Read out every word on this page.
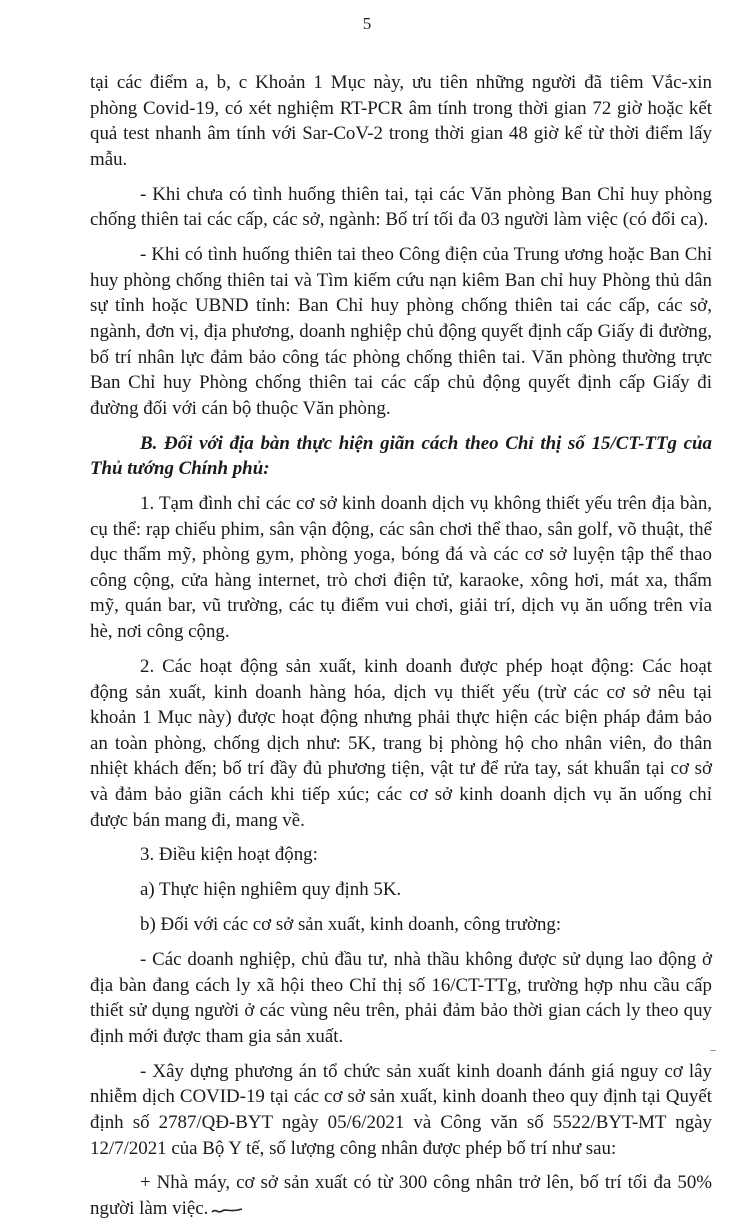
5

tại các điểm a, b, c Khoản 1 Mục này, ưu tiên những người đã tiêm Vắc-xin phòng Covid-19, có xét nghiệm RT-PCR âm tính trong thời gian 72 giờ hoặc kết quả test nhanh âm tính với Sar-CoV-2 trong thời gian 48 giờ kể từ thời điểm lấy mẫu.

- Khi chưa có tình huống thiên tai, tại các Văn phòng Ban Chỉ huy phòng chống thiên tai các cấp, các sở, ngành: Bố trí tối đa 03 người làm việc (có đổi ca).

- Khi có tình huống thiên tai theo Công điện của Trung ương hoặc Ban Chỉ huy phòng chống thiên tai và Tìm kiếm cứu nạn kiêm Ban chỉ huy Phòng thủ dân sự tỉnh hoặc UBND tỉnh: Ban Chỉ huy phòng chống thiên tai các cấp, các sở, ngành, đơn vị, địa phương, doanh nghiệp chủ động quyết định cấp Giấy đi đường, bố trí nhân lực đảm bảo công tác phòng chống thiên tai. Văn phòng thường trực Ban Chỉ huy Phòng chống thiên tai các cấp chủ động quyết định cấp Giấy đi đường đối với cán bộ thuộc Văn phòng.

B. Đối với địa bàn thực hiện giãn cách theo Chỉ thị số 15/CT-TTg của Thủ tướng Chính phủ:

1. Tạm đình chỉ các cơ sở kinh doanh dịch vụ không thiết yếu trên địa bàn, cụ thể: rạp chiếu phim, sân vận động, các sân chơi thể thao, sân golf, võ thuật, thể dục thẩm mỹ, phòng gym, phòng yoga, bóng đá và các cơ sở luyện tập thể thao công cộng, cửa hàng internet, trò chơi điện tử, karaoke, xông hơi, mát xa, thẩm mỹ, quán bar, vũ trường, các tụ điểm vui chơi, giải trí, dịch vụ ăn uống trên vỉa hè, nơi công cộng.

2. Các hoạt động sản xuất, kinh doanh được phép hoạt động: Các hoạt động sản xuất, kinh doanh hàng hóa, dịch vụ thiết yếu (trừ các cơ sở nêu tại khoản 1 Mục này) được hoạt động nhưng phải thực hiện các biện pháp đảm bảo an toàn phòng, chống dịch như: 5K, trang bị phòng hộ cho nhân viên, đo thân nhiệt khách đến; bố trí đầy đủ phương tiện, vật tư để rửa tay, sát khuẩn tại cơ sở và đảm bảo giãn cách khi tiếp xúc; các cơ sở kinh doanh dịch vụ ăn uống chỉ được bán mang đi, mang về.

3. Điều kiện hoạt động:

a) Thực hiện nghiêm quy định 5K.

b) Đối với các cơ sở sản xuất, kinh doanh, công trường:

- Các doanh nghiệp, chủ đầu tư, nhà thầu không được sử dụng lao động ở địa bàn đang cách ly xã hội theo Chỉ thị số 16/CT-TTg, trường hợp nhu cầu cấp thiết sử dụng người ở các vùng nêu trên, phải đảm bảo thời gian cách ly theo quy định mới được tham gia sản xuất.

- Xây dựng phương án tổ chức sản xuất kinh doanh đánh giá nguy cơ lây nhiễm dịch COVID-19 tại các cơ sở sản xuất, kinh doanh theo quy định tại Quyết định số 2787/QĐ-BYT ngày 05/6/2021 và Công văn số 5522/BYT-MT ngày 12/7/2021 của Bộ Y tế, số lượng công nhân được phép bố trí như sau:

+ Nhà máy, cơ sở sản xuất có từ 300 công nhân trở lên, bố trí tối đa 50% người làm việc.
